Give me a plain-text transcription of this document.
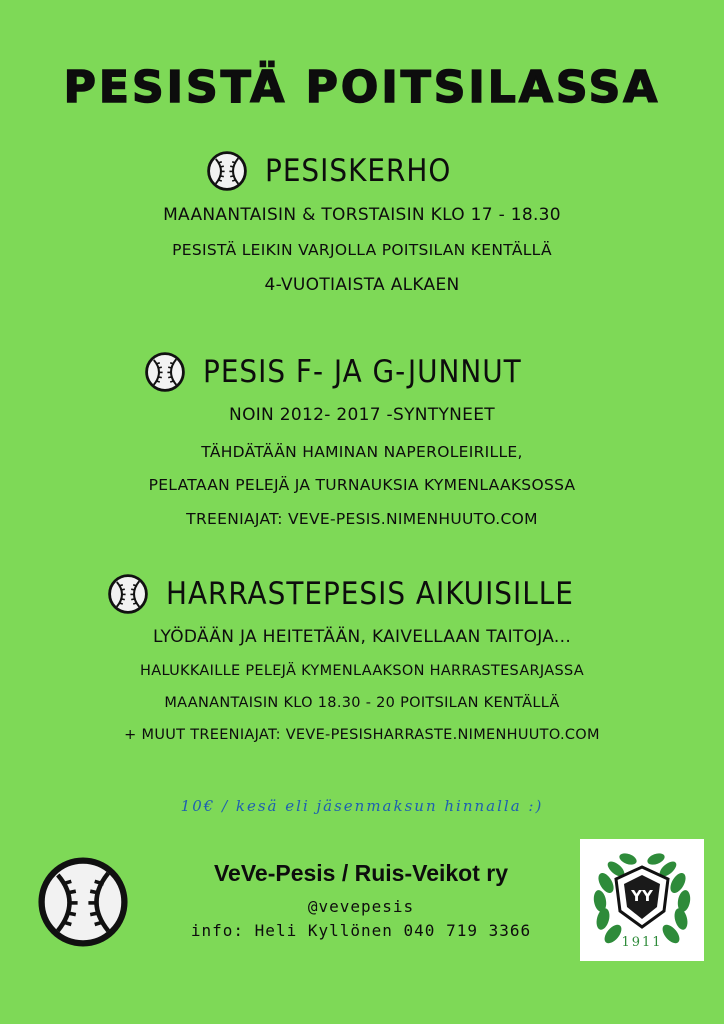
PESISTÄ POITSILASSA
PESISKERHO
MAANANTAISIN & TORSTAISIN KLO 17 - 18.30
PESISTÄ LEIKIN VARJOLLA POITSILAN KENTÄLLÄ
4-VUOTIAISTA ALKAEN
PESIS F- JA G-JUNNUT
NOIN 2012- 2017 -SYNTYNEET
TÄHDÄTÄÄN HAMINAN NAPEROLEIRILLE,
PELATAAN PELEJÄ JA TURNAUKSIA KYMENLAAKSOSSA
TREENIAJAT: VEVE-PESIS.NIMENHUUTO.COM
HARRASTEPESIS AIKUISILLE
LYÖDÄÄN JA HEITETÄÄN, KAIVELLAAN TAITOJA...
HALUKKAILLE PELEJÄ KYMENLAAKSON HARRASTESARJASSA
MAANANTAISIN KLO 18.30 - 20 POITSILAN KENTÄLLÄ
+ MUUT TREENIAJAT: VEVE-PESISHARRASTE.NIMENHUUTO.COM
10€ / kesä eli jäsenmaksun hinnalla :)
VeVe-Pesis / Ruis-Veikot ry
@vevepesis
info: Heli Kyllönen 040 719 3366
YY
1911
